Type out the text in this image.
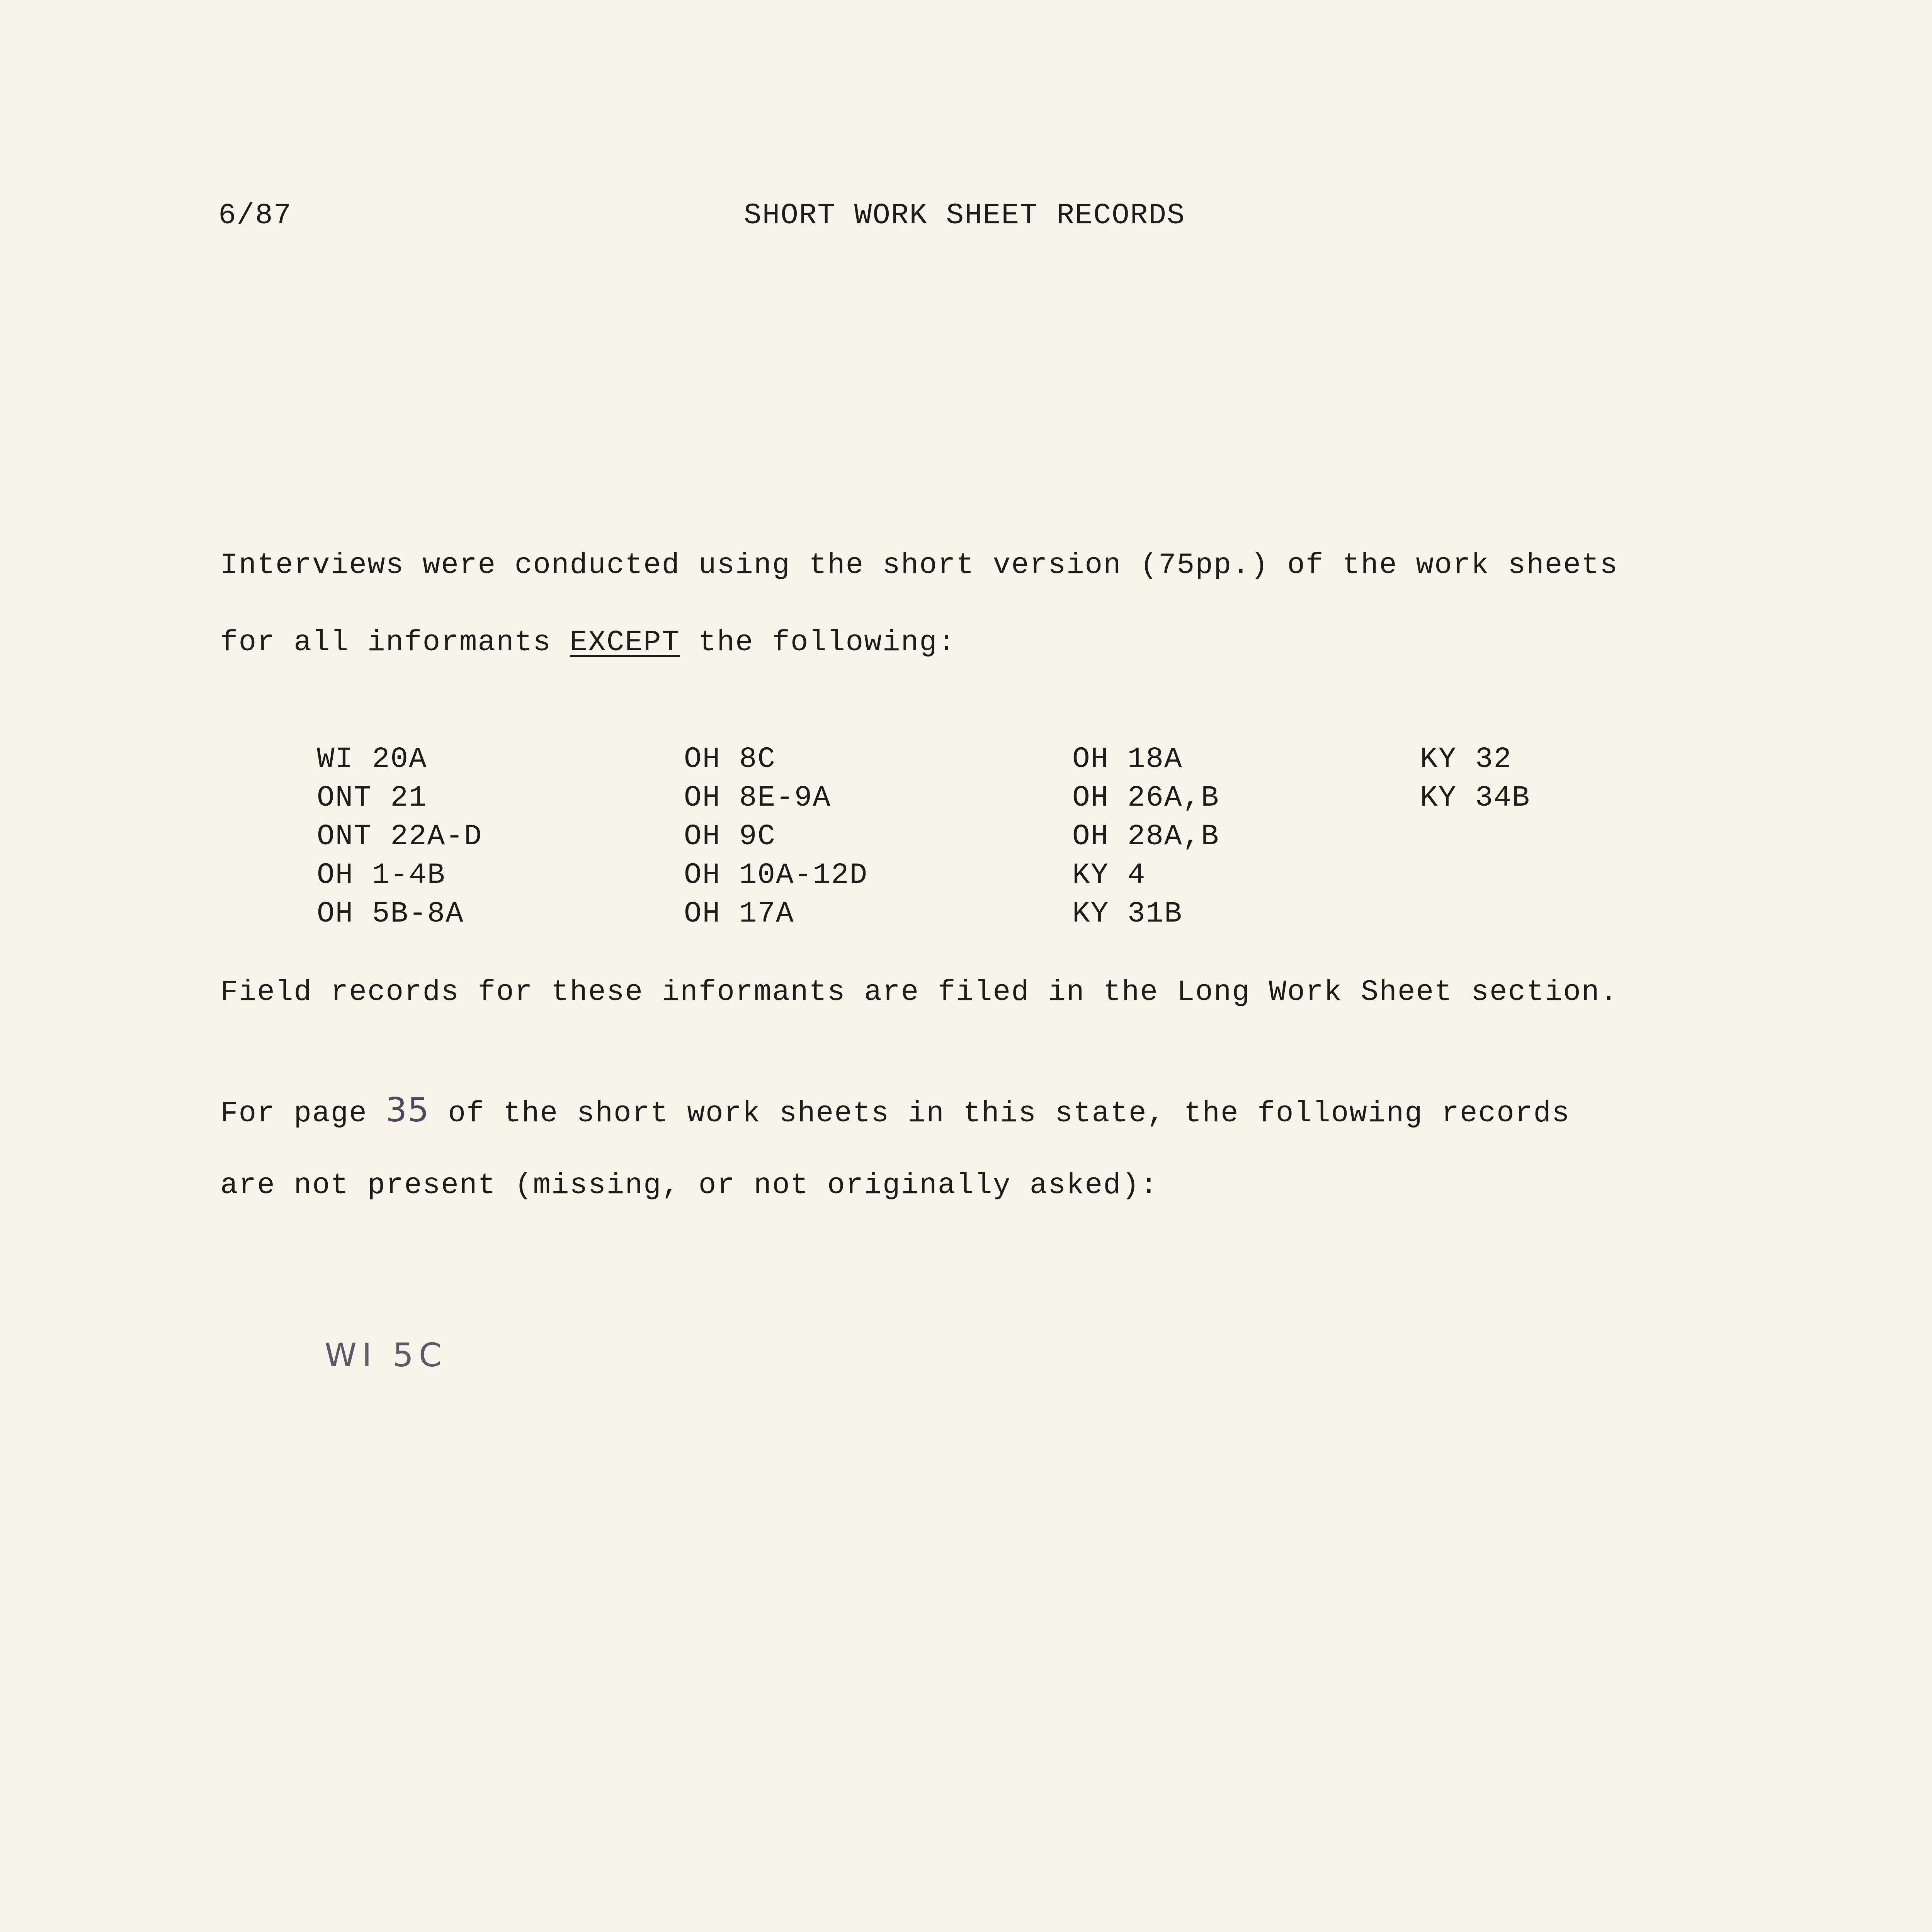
6/87	SHORT WORK SHEET RECORDS
Interviews were conducted using the short version (75pp.) of the work sheets
for all informants EXCEPT the following:
WI 20A
ONT 21
ONT 22A-D
OH 1-4B
OH 5B-8A
OH 8C
OH 8E-9A
OH 9C
OH 10A-12D
OH 17A
OH 18A
OH 26A,B
OH 28A,B
KY 4
KY 31B
KY 32
KY 34B
Field records for these informants are filed in the Long Work Sheet section.
For page 35 of the short work sheets in this state, the following records
are not present (missing, or not originally asked):
WI 5C
